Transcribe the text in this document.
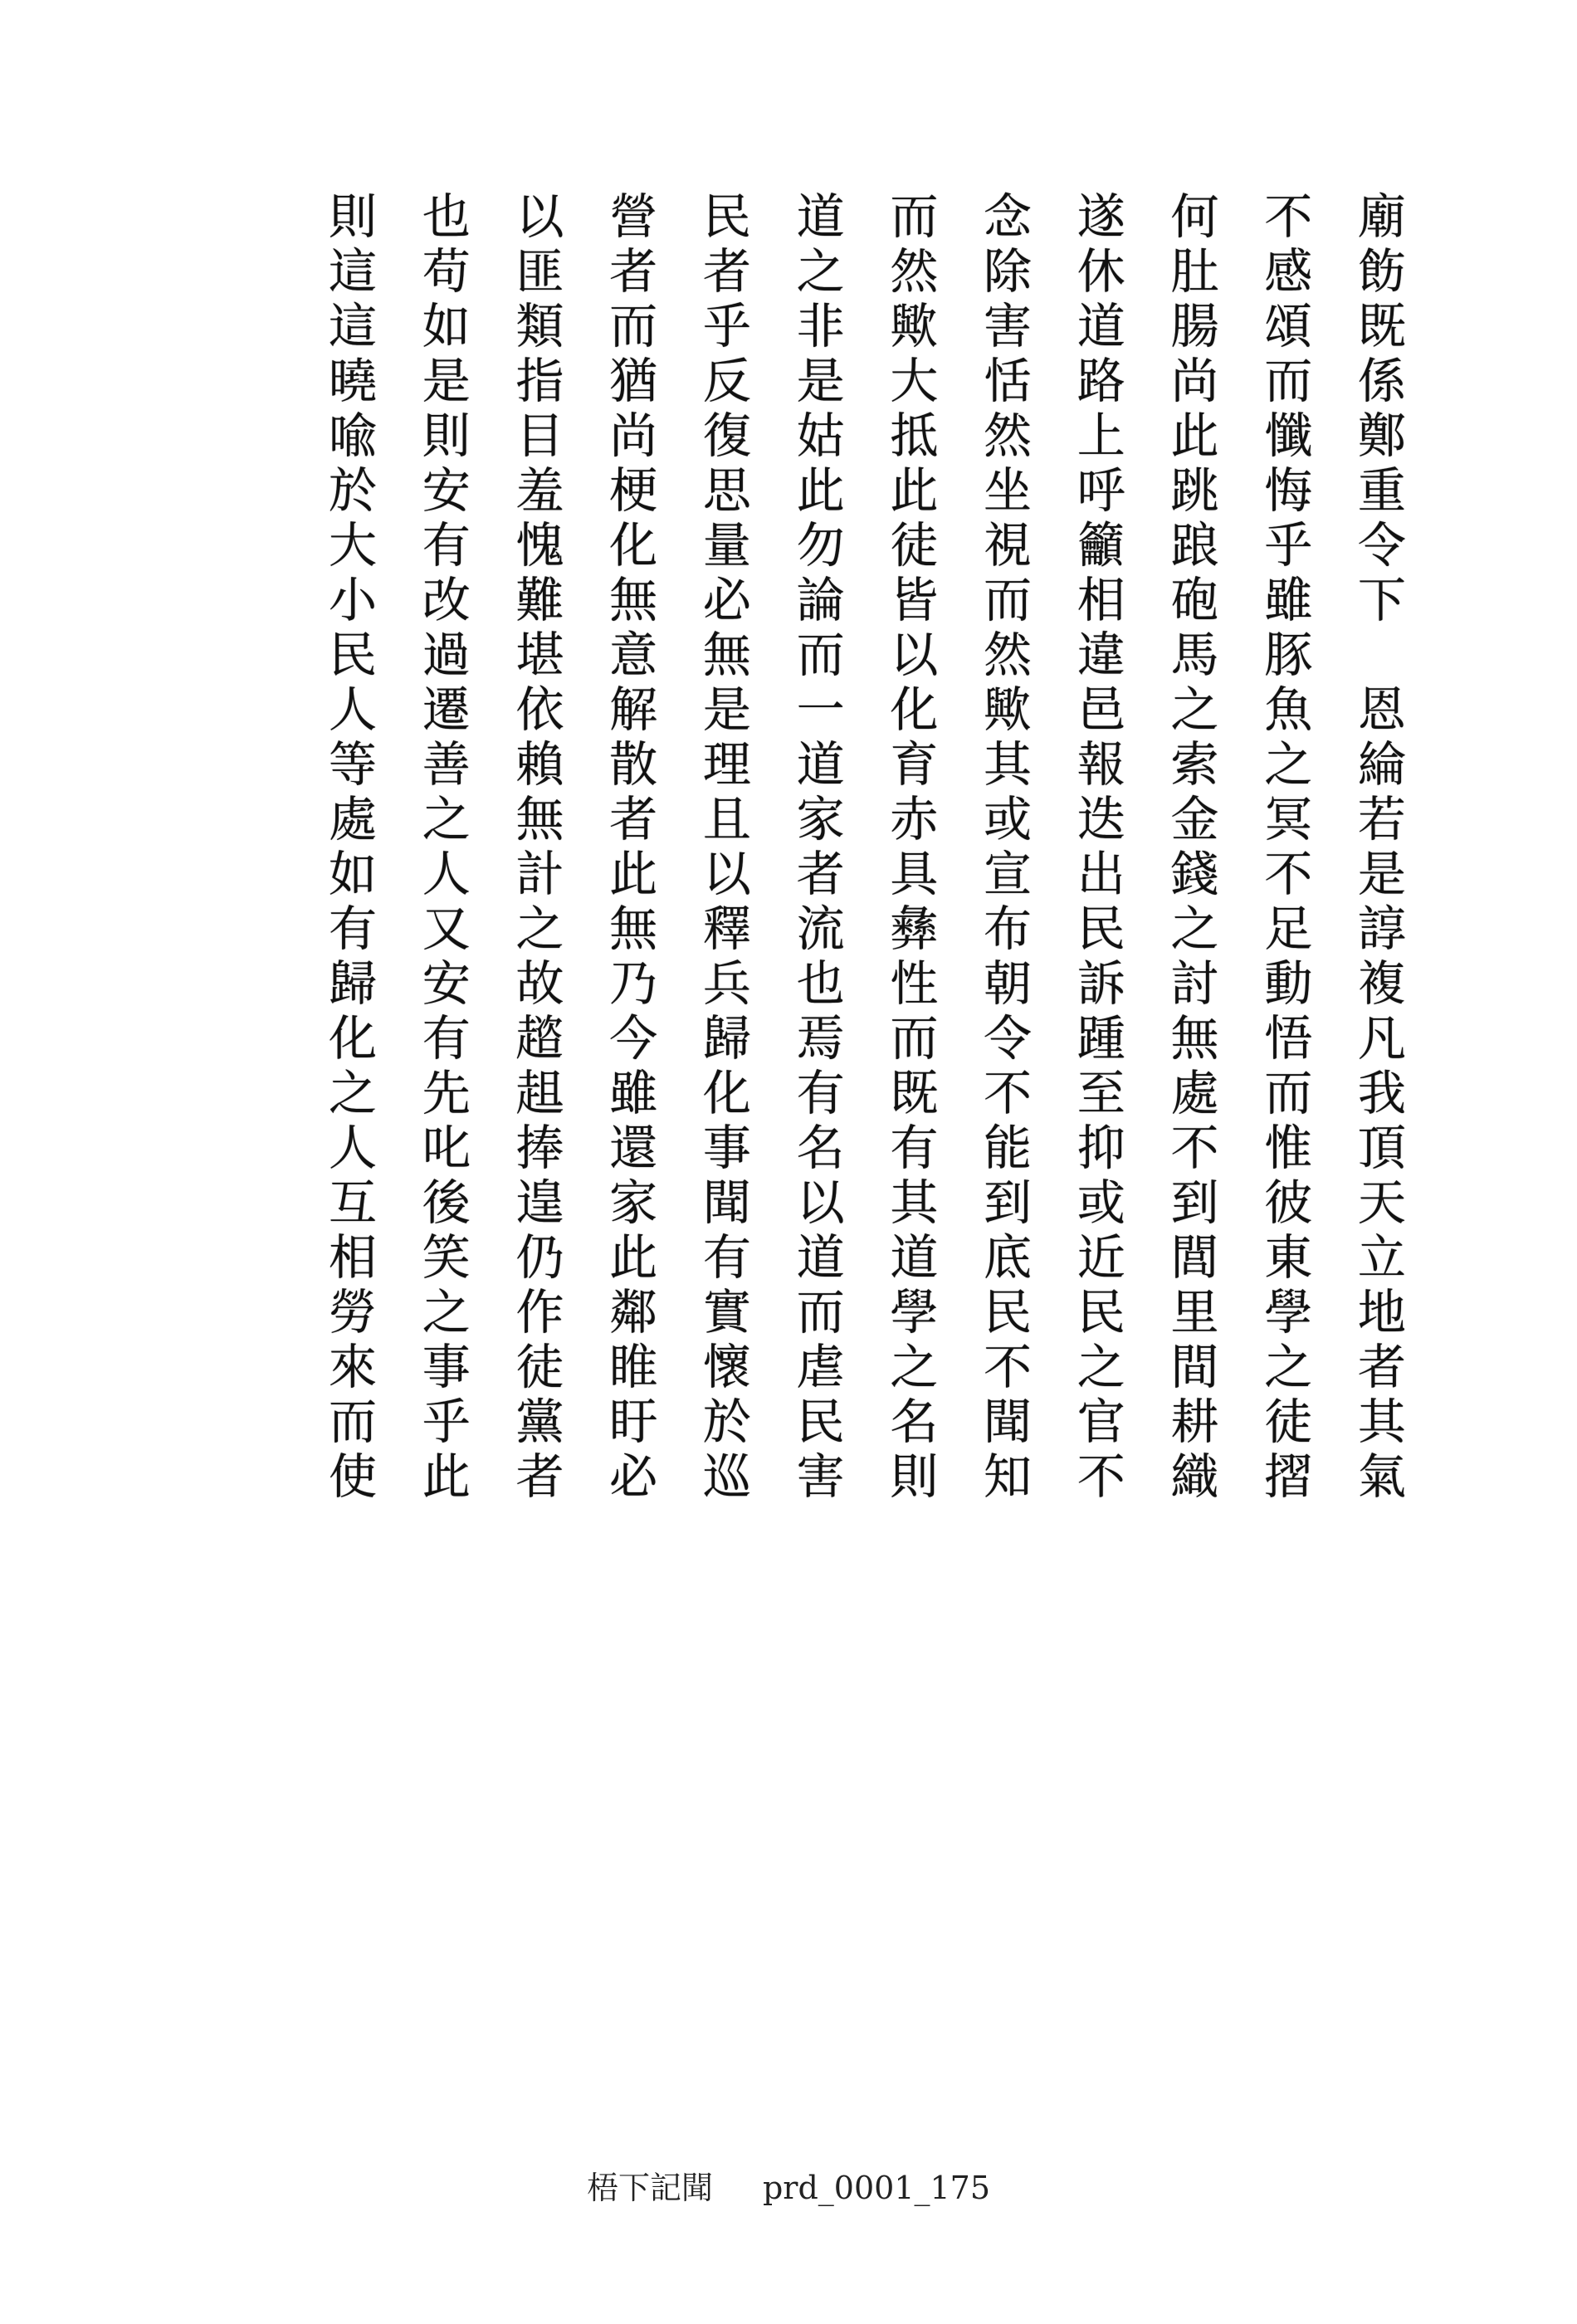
廟飭既係鄭重令下　恩綸若是諄複凡我頂天立地者其氣
不感頌而懺悔乎雖豚魚之冥不足動悟而惟彼東學之徒摺
何肚腸尚此跳踉砲馬之索金錢之討無處不到閭里間耕織
遂休道路上呼籲相違邑報迭出民訴踵至抑或近民之官不
念除害恬然坐視而然歟其或宣布朝令不能到底民不聞知
而然歟大抵此徒皆以化育赤具彝性而既有其道學之名則
道之非是姑此勿論而一道家者流也焉有名以道而虐民害
民者乎反復思量必無是理且以釋兵歸化事聞有實懷於巡
營者而猶尚梗化無意解散者此無乃今雖還家此鄰睢盱必
以匪類指目羞愧難堪依賴無計之故趦趄捧遑仍作徒黨者
也苟如是則安有改過遷善之人又安有先叱後笑之事乎此
則這這曉喩於大小民人等處如有歸化之人互相勞來而使
梧下記聞 prd_0001_175
